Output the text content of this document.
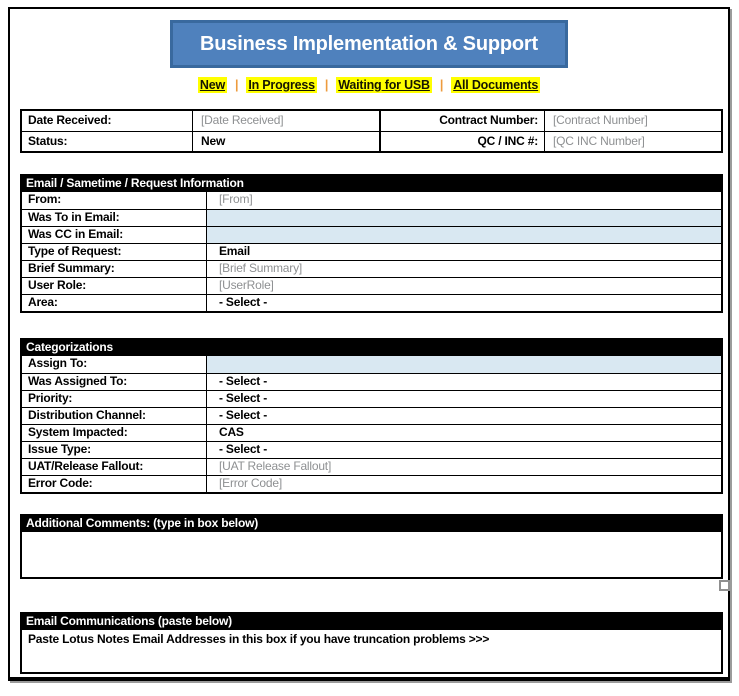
Business Implementation & Support
New | In Progress | Waiting for USB | All Documents
Date Received:	[Date Received]	Contract Number:	[Contract Number]
Status:	New	QC / INC #:	[QC INC Number]
Email / Sametime / Request Information
From:	[From]
Was To in Email:
Was CC in Email:
Type of Request:	Email
Brief Summary:	[Brief Summary]
User Role:	[UserRole]
Area:	- Select -
Categorizations
Assign To:
Was Assigned To:	- Select -
Priority:	- Select -
Distribution Channel:	- Select -
System Impacted:	CAS
Issue Type:	- Select -
UAT/Release Fallout:	[UAT Release Fallout]
Error Code:	[Error Code]
Additional Comments: (type in box below)
Email Communications (paste below)
Paste Lotus Notes Email Addresses in this box if you have truncation problems >>>
